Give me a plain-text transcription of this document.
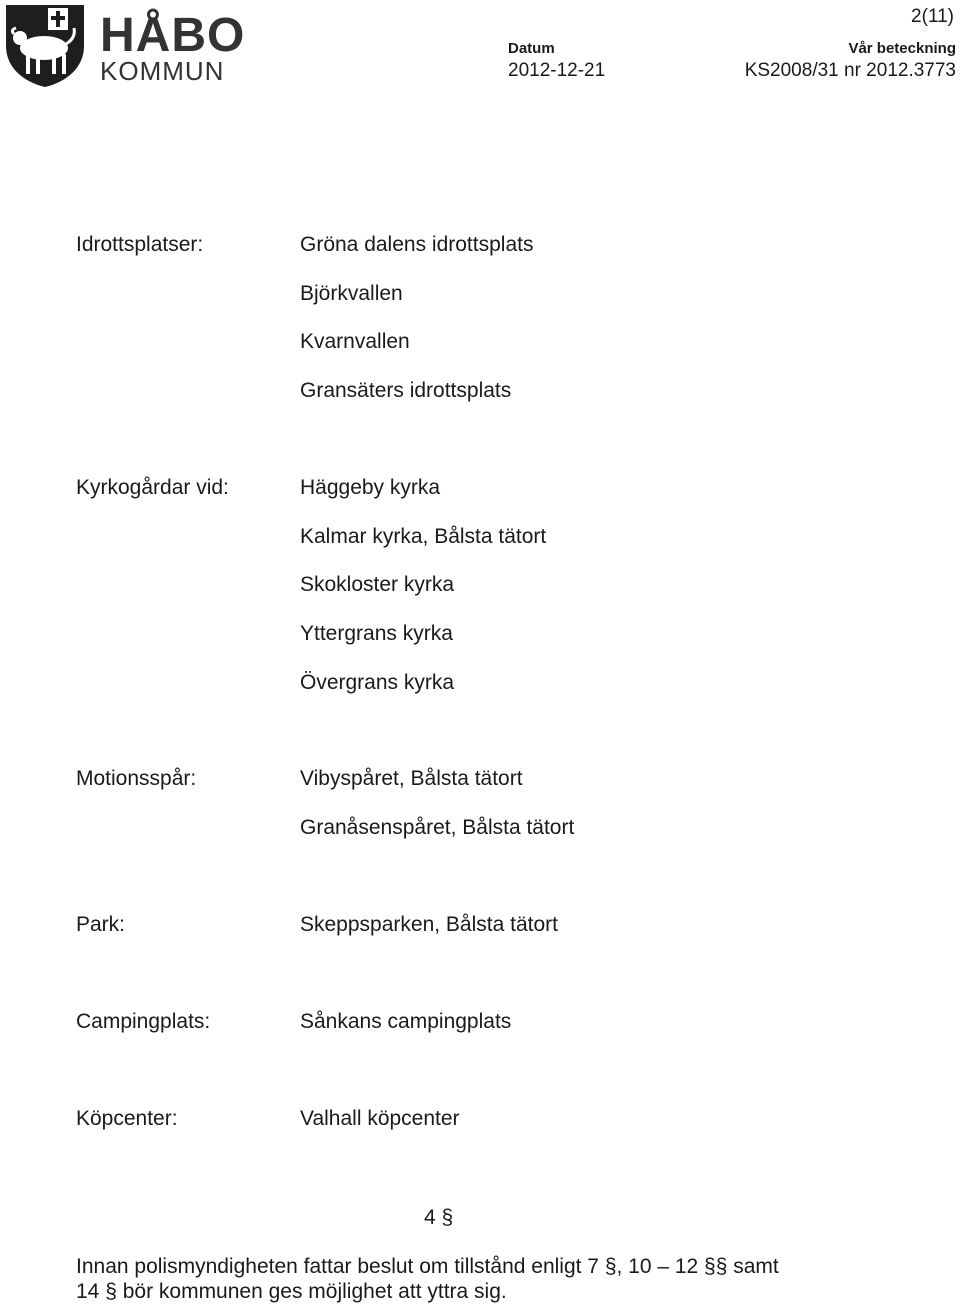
HÅBO
KOMMUN
2(11)
Datum
2012-12-21
Vår beteckning
KS2008/31 nr 2012.3773
Idrottsplatser:	Gröna dalens idrottsplats
Björkvallen
Kvarnvallen
Gransäters idrottsplats
Kyrkogårdar vid:	Häggeby kyrka
Kalmar kyrka, Bålsta tätort
Skokloster kyrka
Yttergrans kyrka
Övergrans kyrka
Motionsspår:	Vibyspåret, Bålsta tätort
Granåsenspåret, Bålsta tätort
Park:	Skeppsparken, Bålsta tätort
Campingplats:	Sånkans campingplats
Köpcenter:	Valhall köpcenter
4 §
Innan polismyndigheten fattar beslut om tillstånd enligt 7 §, 10 – 12 §§ samt
14 § bör kommunen ges möjlighet att yttra sig.
